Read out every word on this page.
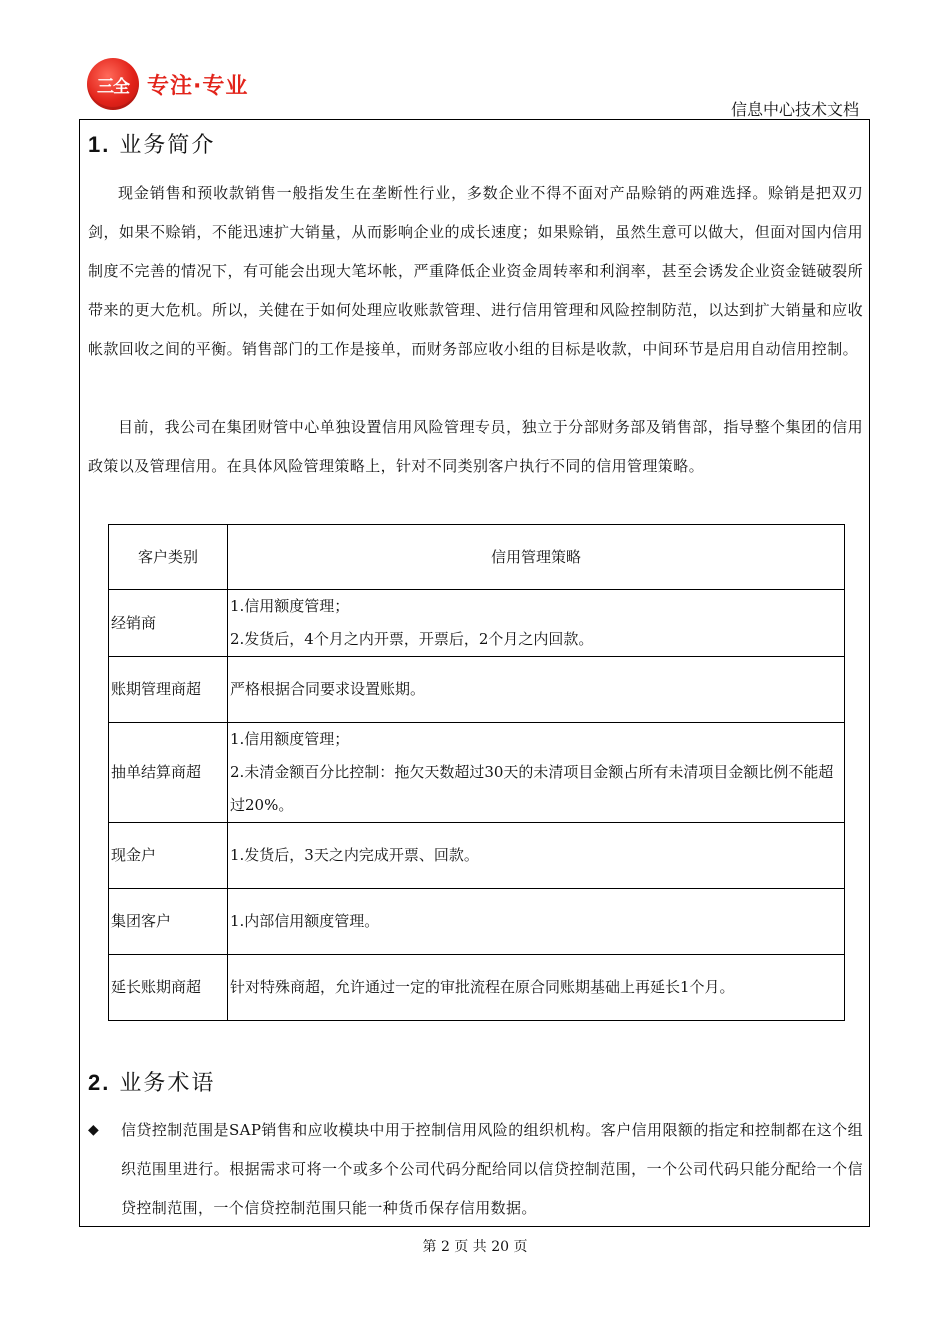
三全 专注·专业
信息中心技术文档
1. 业务简介
现金销售和预收款销售一般指发生在垄断性行业，多数企业不得不面对产品赊销的两难选择。赊销是把双刃剑，如果不赊销，不能迅速扩大销量，从而影响企业的成长速度；如果赊销，虽然生意可以做大，但面对国内信用制度不完善的情况下，有可能会出现大笔坏帐，严重降低企业资金周转率和利润率，甚至会诱发企业资金链破裂所带来的更大危机。所以，关健在于如何处理应收账款管理、进行信用管理和风险控制防范，以达到扩大销量和应收帐款回收之间的平衡。销售部门的工作是接单，而财务部应收小组的目标是收款，中间环节是启用自动信用控制。
目前，我公司在集团财管中心单独设置信用风险管理专员，独立于分部财务部及销售部，指导整个集团的信用政策以及管理信用。在具体风险管理策略上，针对不同类别客户执行不同的信用管理策略。
客户类别	信用管理策略
经销商	1.信用额度管理；
2.发货后，4个月之内开票，开票后，2个月之内回款。

账期管理商超	严格根据合同要求设置账期。

抽单结算商超	1.信用额度管理；
2.未清金额百分比控制：拖欠天数超过30天的未清项目金额占所有未清项目金额比例不能超过20%。

现金户	1.发货后，3天之内完成开票、回款。

集团客户	1.内部信用额度管理。

延长账期商超	针对特殊商超，允许通过一定的审批流程在原合同账期基础上再延长1个月。
2. 业务术语
◆ 信贷控制范围是SAP销售和应收模块中用于控制信用风险的组织机构。客户信用限额的指定和控制都在这个组织范围里进行。根据需求可将一个或多个公司代码分配给同以信贷控制范围，一个公司代码只能分配给一个信贷控制范围，一个信贷控制范围只能一种货币保存信用数据。
第 2 页 共 20 页
